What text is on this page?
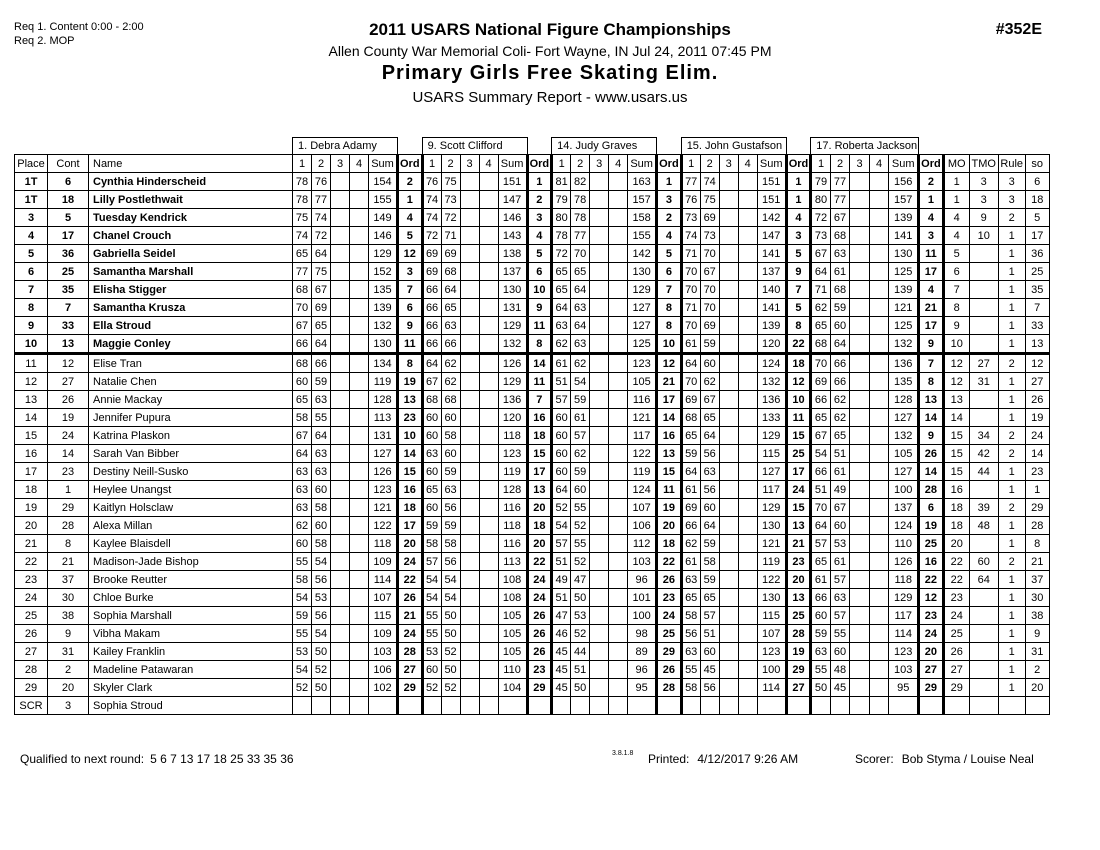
Req 1. Content 0:00 - 2:00
Req 2. MOP
2011 USARS National Figure Championships
Allen County War Memorial Coli- Fort Wayne, IN Jul 24, 2011 07:45 PM
Primary Girls Free Skating Elim.
USARS Summary Report - www.usars.us
#352E
			1. Debra Adamy						9. Scott Clifford						14. Judy Graves						15. John Gustafson						17. Roberta Jackson									
Place	Cont	Name	1	2	3	4	Sum	Ord	1	2	3	4	Sum	Ord	1	2	3	4	Sum	Ord	1	2	3	4	Sum	Ord	1	2	3	4	Sum	Ord	MO	TMO	Rule	so
1T	6	Cynthia Hinderscheid	78	76			154	2	76	75			151	1	81	82			163	1	77	74			151	1	79	77			156	2	1	3	3	6
1T	18	Lilly Postlethwait	78	77			155	1	74	73			147	2	79	78			157	3	76	75			151	1	80	77			157	1	1	3	3	18
3	5	Tuesday Kendrick	75	74			149	4	74	72			146	3	80	78			158	2	73	69			142	4	72	67			139	4	4	9	2	5
4	17	Chanel Crouch	74	72			146	5	72	71			143	4	78	77			155	4	74	73			147	3	73	68			141	3	4	10	1	17
5	36	Gabriella Seidel	65	64			129	12	69	69			138	5	72	70			142	5	71	70			141	5	67	63			130	11	5		1	36
6	25	Samantha Marshall	77	75			152	3	69	68			137	6	65	65			130	6	70	67			137	9	64	61			125	17	6		1	25
7	35	Elisha Stigger	68	67			135	7	66	64			130	10	65	64			129	7	70	70			140	7	71	68			139	4	7		1	35
8	7	Samantha Krusza	70	69			139	6	66	65			131	9	64	63			127	8	71	70			141	5	62	59			121	21	8		1	7
9	33	Ella Stroud	67	65			132	9	66	63			129	11	63	64			127	8	70	69			139	8	65	60			125	17	9		1	33
10	13	Maggie Conley	66	64			130	11	66	66			132	8	62	63			125	10	61	59			120	22	68	64			132	9	10		1	13
11	12	Elise Tran	68	66			134	8	64	62			126	14	61	62			123	12	64	60			124	18	70	66			136	7	12	27	2	12
12	27	Natalie Chen	60	59			119	19	67	62			129	11	51	54			105	21	70	62			132	12	69	66			135	8	12	31	1	27
13	26	Annie Mackay	65	63			128	13	68	68			136	7	57	59			116	17	69	67			136	10	66	62			128	13	13		1	26
14	19	Jennifer Pupura	58	55			113	23	60	60			120	16	60	61			121	14	68	65			133	11	65	62			127	14	14		1	19
15	24	Katrina Plaskon	67	64			131	10	60	58			118	18	60	57			117	16	65	64			129	15	67	65			132	9	15	34	2	24
16	14	Sarah Van Bibber	64	63			127	14	63	60			123	15	60	62			122	13	59	56			115	25	54	51			105	26	15	42	2	14
17	23	Destiny Neill-Susko	63	63			126	15	60	59			119	17	60	59			119	15	64	63			127	17	66	61			127	14	15	44	1	23
18	1	Heylee Unangst	63	60			123	16	65	63			128	13	64	60			124	11	61	56			117	24	51	49			100	28	16		1	1
19	29	Kaitlyn Holsclaw	63	58			121	18	60	56			116	20	52	55			107	19	69	60			129	15	70	67			137	6	18	39	2	29
20	28	Alexa Millan	62	60			122	17	59	59			118	18	54	52			106	20	66	64			130	13	64	60			124	19	18	48	1	28
21	8	Kaylee Blaisdell	60	58			118	20	58	58			116	20	57	55			112	18	62	59			121	21	57	53			110	25	20		1	8
22	21	Madison-Jade Bishop	55	54			109	24	57	56			113	22	51	52			103	22	61	58			119	23	65	61			126	16	22	60	2	21
23	37	Brooke Reutter	58	56			114	22	54	54			108	24	49	47			96	26	63	59			122	20	61	57			118	22	22	64	1	37
24	30	Chloe Burke	54	53			107	26	54	54			108	24	51	50			101	23	65	65			130	13	66	63			129	12	23		1	30
25	38	Sophia Marshall	59	56			115	21	55	50			105	26	47	53			100	24	58	57			115	25	60	57			117	23	24		1	38
26	9	Vibha Makam	55	54			109	24	55	50			105	26	46	52			98	25	56	51			107	28	59	55			114	24	25		1	9
27	31	Kailey Franklin	53	50			103	28	53	52			105	26	45	44			89	29	63	60			123	19	63	60			123	20	26		1	31
28	2	Madeline Patawaran	54	52			106	27	60	50			110	23	45	51			96	26	55	45			100	29	55	48			103	27	27		1	2
29	20	Skyler Clark	52	50			102	29	52	52			104	29	45	50			95	28	58	56			114	27	50	45			95	29	29		1	20
SCR	3	Sophia Stroud																																		
Qualified to next round: 5 6 7 13 17 18 25 33 35 36	3.8.1.8 Printed: 4/12/2017 9:26 AM	Scorer: Bob Styma / Louise Neal
